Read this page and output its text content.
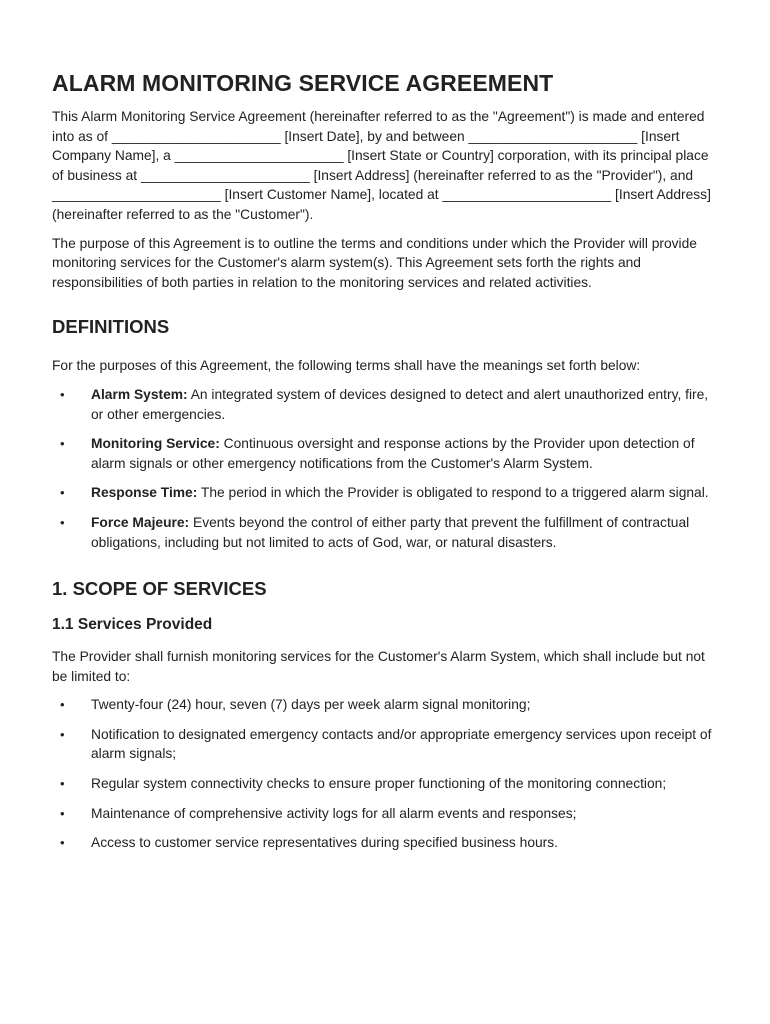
ALARM MONITORING SERVICE AGREEMENT

This Alarm Monitoring Service Agreement (hereinafter referred to as the "Agreement") is made and entered into as of ______________________ [Insert Date], by and between ______________________ [Insert Company Name], a ______________________ [Insert State or Country] corporation, with its principal place of business at ______________________ [Insert Address] (hereinafter referred to as the "Provider"), and ______________________ [Insert Customer Name], located at ______________________ [Insert Address] (hereinafter referred to as the "Customer").

The purpose of this Agreement is to outline the terms and conditions under which the Provider will provide monitoring services for the Customer's alarm system(s). This Agreement sets forth the rights and responsibilities of both parties in relation to the monitoring services and related activities.

DEFINITIONS

For the purposes of this Agreement, the following terms shall have the meanings set forth below:

• Alarm System: An integrated system of devices designed to detect and alert unauthorized entry, fire, or other emergencies.
• Monitoring Service: Continuous oversight and response actions by the Provider upon detection of alarm signals or other emergency notifications from the Customer's Alarm System.
• Response Time: The period in which the Provider is obligated to respond to a triggered alarm signal.
• Force Majeure: Events beyond the control of either party that prevent the fulfillment of contractual obligations, including but not limited to acts of God, war, or natural disasters.
1. SCOPE OF SERVICES
1.1 Services Provided

The Provider shall furnish monitoring services for the Customer's Alarm System, which shall include but not be limited to:

• Twenty-four (24) hour, seven (7) days per week alarm signal monitoring;
• Notification to designated emergency contacts and/or appropriate emergency services upon receipt of alarm signals;
• Regular system connectivity checks to ensure proper functioning of the monitoring connection;
• Maintenance of comprehensive activity logs for all alarm events and responses;
• Access to customer service representatives during specified business hours.
